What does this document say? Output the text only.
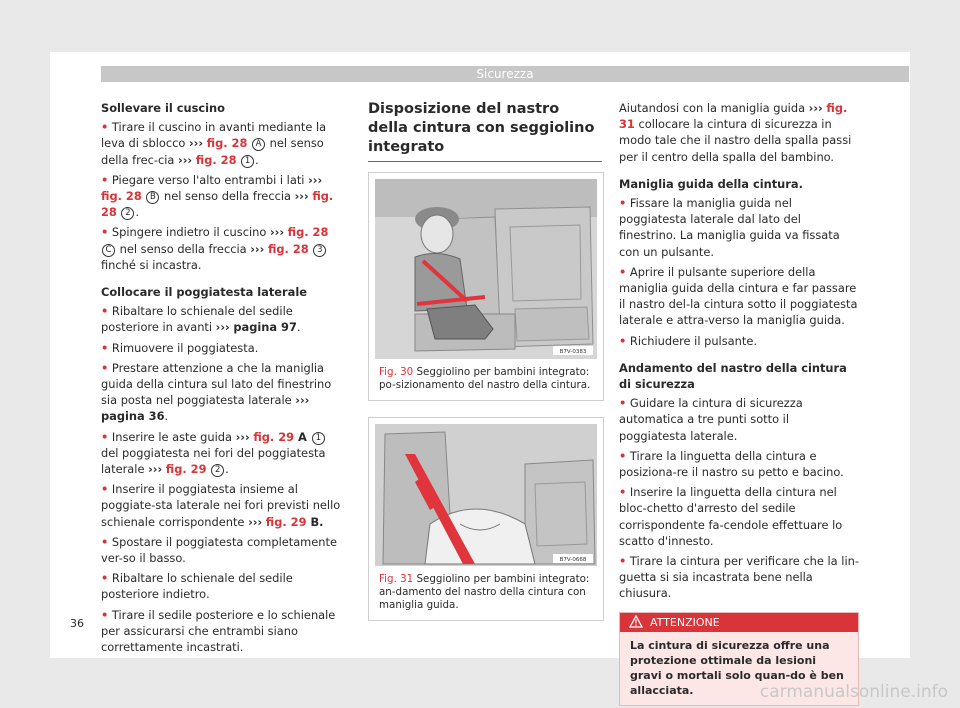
Sicurezza
Sollevare il cuscino
• Tirare il cuscino in avanti mediante la leva di sblocco ››› fig. 28 A nel senso della frec-cia ››› fig. 28 1 .
• Piegare verso l'alto entrambi i lati ››› fig. 28 B nel senso della freccia ››› fig. 28 2 .
• Spingere indietro il cuscino ››› fig. 28 C nel senso della freccia ››› fig. 28 3 finché si incastra.
Collocare il poggiatesta laterale
• Ribaltare lo schienale del sedile posteriore in avanti ››› pagina 97.
• Rimuovere il poggiatesta.
• Prestare attenzione a che la maniglia guida della cintura sul lato del finestrino sia posta nel poggiatesta laterale ››› pagina 36.
• Inserire le aste guida ››› fig. 29 A 1 del poggiatesta nei fori del poggiatesta laterale ››› fig. 29 2 .
• Inserire il poggiatesta insieme al poggiate-sta laterale nei fori previsti nello schienale corrispondente ››› fig. 29 B.
• Spostare il poggiatesta completamente ver-so il basso.
• Ribaltare lo schienale del sedile posteriore indietro.
• Tirare il sedile posteriore e lo schienale per assicurarsi che entrambi siano correttamente incastrati.
Disposizione del nastro della cintura con seggiolino integrato
B7V-0383
Fig. 30 Seggiolino per bambini integrato: po-sizionamento del nastro della cintura.
B7V-0668
Fig. 31 Seggiolino per bambini integrato: an-damento del nastro della cintura con maniglia guida.
Aiutandosi con la maniglia guida ››› fig. 31 collocare la cintura di sicurezza in modo tale che il nastro della spalla passi per il centro della spalla del bambino.
Maniglia guida della cintura.
• Fissare la maniglia guida nel poggiatesta laterale dal lato del finestrino. La maniglia guida va fissata con un pulsante.
• Aprire il pulsante superiore della maniglia guida della cintura e far passare il nastro del-la cintura sotto il poggiatesta laterale e attra-verso la maniglia guida.
• Richiudere il pulsante.
Andamento del nastro della cintura di sicurezza
• Guidare la cintura di sicurezza automatica a tre punti sotto il poggiatesta laterale.
• Tirare la linguetta della cintura e posiziona-re il nastro su petto e bacino.
• Inserire la linguetta della cintura nel bloc-chetto d'arresto del sedile corrispondente fa-cendole effettuare lo scatto d'innesto.
• Tirare la cintura per verificare che la lin-guetta si sia incastrata bene nella chiusura.
ATTENZIONE
La cintura di sicurezza offre una protezione ottimale da lesioni gravi o mortali solo quan-do è ben allacciata.
36
carmanualsonline.info
